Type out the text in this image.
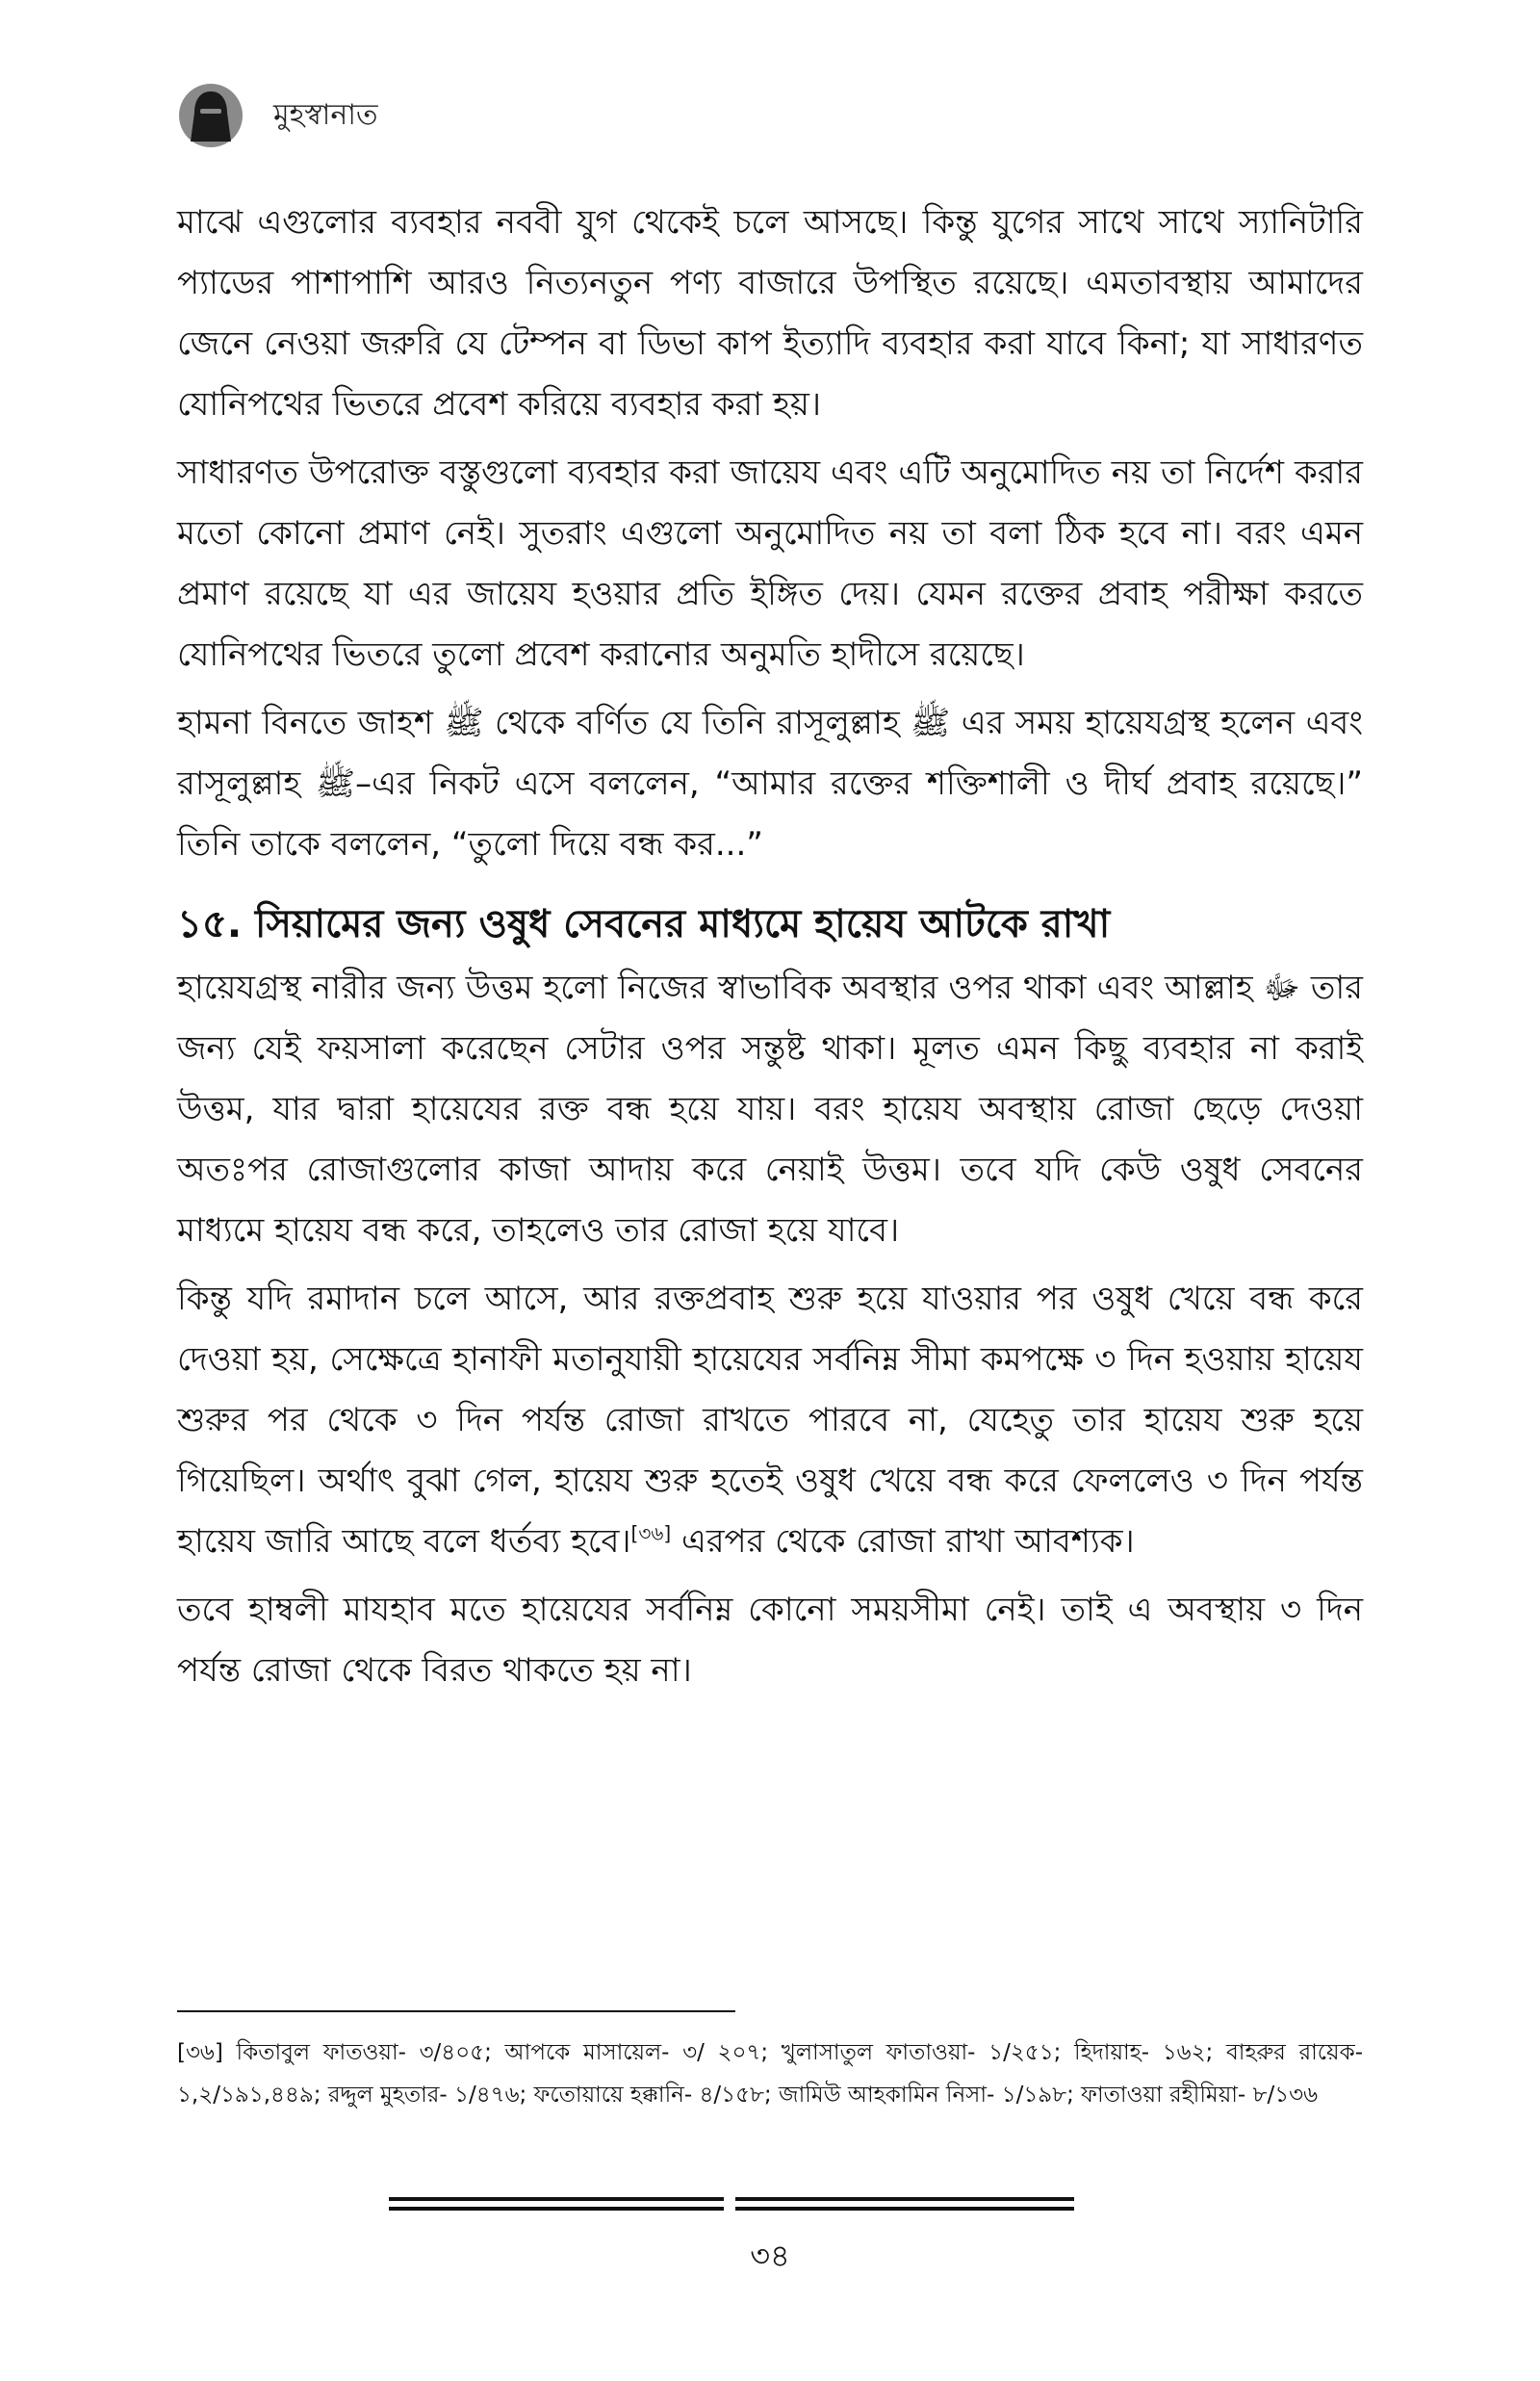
মুহস্বানাত

মাঝে এগুলোর ব্যবহার নববী যুগ থেকেই চলে আসছে। কিন্তু যুগের সাথে সাথে স্যানিটারি প্যাডের পাশাপাশি আরও নিত্যনতুন পণ্য বাজারে উপস্থিত রয়েছে। এমতাবস্থায় আমাদের জেনে নেওয়া জরুরি যে টেম্পন বা ডিভা কাপ ইত্যাদি ব্যবহার করা যাবে কিনা; যা সাধারণত যোনিপথের ভিতরে প্রবেশ করিয়ে ব্যবহার করা হয়।

সাধারণত উপরোক্ত বস্তুগুলো ব্যবহার করা জায়েয এবং এটি অনুমোদিত নয় তা নির্দেশ করার মতো কোনো প্রমাণ নেই। সুতরাং এগুলো অনুমোদিত নয় তা বলা ঠিক হবে না। বরং এমন প্রমাণ রয়েছে যা এর জায়েয হওয়ার প্রতি ইঙ্গিত দেয়। যেমন রক্তের প্রবাহ পরীক্ষা করতে যোনিপথের ভিতরে তুলো প্রবেশ করানোর অনুমতি হাদীসে রয়েছে।

হামনা বিনতে জাহশ ﷺ থেকে বর্ণিত যে তিনি রাসূলুল্লাহ ﷺ এর সময় হায়েযগ্রস্থ হলেন এবং রাসূলুল্লাহ ﷺ–এর নিকট এসে বললেন, “আমার রক্তের শক্তিশালী ও দীর্ঘ প্রবাহ রয়েছে।” তিনি তাকে বললেন, “তুলো দিয়ে বন্ধ কর...”

১৫. সিয়ামের জন্য ওষুধ সেবনের মাধ্যমে হায়েয আটকে রাখা

হায়েযগ্রস্থ নারীর জন্য উত্তম হলো নিজের স্বাভাবিক অবস্থার ওপর থাকা এবং আল্লাহ ﷻ তার জন্য যেই ফয়সালা করেছেন সেটার ওপর সন্তুষ্ট থাকা। মূলত এমন কিছু ব্যবহার না করাই উত্তম, যার দ্বারা হায়েযের রক্ত বন্ধ হয়ে যায়। বরং হায়েয অবস্থায় রোজা ছেড়ে দেওয়া অতঃপর রোজাগুলোর কাজা আদায় করে নেয়াই উত্তম। তবে যদি কেউ ওষুধ সেবনের মাধ্যমে হায়েয বন্ধ করে, তাহলেও তার রোজা হয়ে যাবে।

কিন্তু যদি রমাদান চলে আসে, আর রক্তপ্রবাহ শুরু হয়ে যাওয়ার পর ওষুধ খেয়ে বন্ধ করে দেওয়া হয়, সেক্ষেত্রে হানাফী মতানুযায়ী হায়েযের সর্বনিম্ন সীমা কমপক্ষে ৩ দিন হওয়ায় হায়েয শুরুর পর থেকে ৩ দিন পর্যন্ত রোজা রাখতে পারবে না, যেহেতু তার হায়েয শুরু হয়ে গিয়েছিল। অর্থাৎ বুঝা গেল, হায়েয শুরু হতেই ওষুধ খেয়ে বন্ধ করে ফেললেও ৩ দিন পর্যন্ত হায়েয জারি আছে বলে ধর্তব্য হবে।[৩৬] এরপর থেকে রোজা রাখা আবশ্যক।

তবে হাম্বলী মাযহাব মতে হায়েযের সর্বনিম্ন কোনো সময়সীমা নেই। তাই এ অবস্থায় ৩ দিন পর্যন্ত রোজা থেকে বিরত থাকতে হয় না।

[৩৬] কিতাবুল ফাতওয়া- ৩/৪০৫; আপকে মাসায়েল- ৩/ ২০৭; খুলাসাতুল ফাতাওয়া- ১/২৫১; হিদায়াহ- ১৬২; বাহরুর রায়েক- ১,২/১৯১,৪৪৯; রদ্দুল মুহতার- ১/৪৭৬; ফতোয়ায়ে হক্কানি- ৪/১৫৮; জামিউ আহকামিন নিসা- ১/১৯৮; ফাতাওয়া রহীমিয়া- ৮/১৩৬
৩৪
